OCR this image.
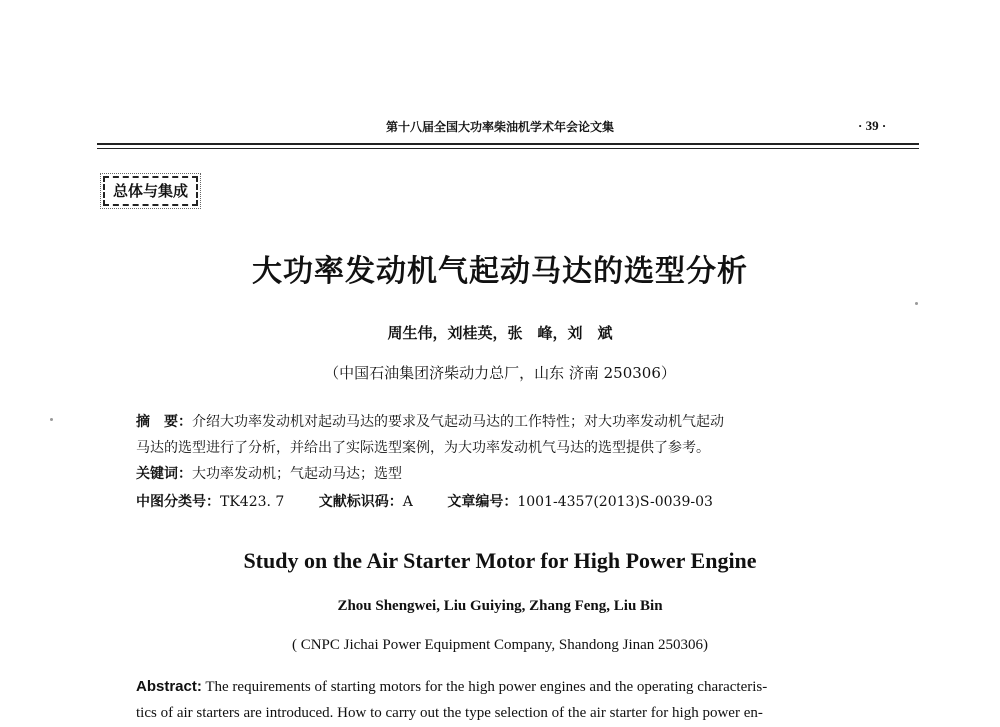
第十八届全国大功率柴油机学术年会论文集	· 39 ·
总体与集成
大功率发动机气起动马达的选型分析
周生伟，刘桂英，张　峰，刘　斌
（中国石油集团济柴动力总厂，山东 济南 250306）
摘　要：介绍大功率发动机对起动马达的要求及气起动马达的工作特性；对大功率发动机气起动
马达的选型进行了分析，并给出了实际选型案例，为大功率发动机气马达的选型提供了参考。
关键词：大功率发动机；气起动马达；选型
中图分类号：TK423. 7 文献标识码：A 文章编号：1001-4357(2013)S-0039-03
Study on the Air Starter Motor for High Power Engine
Zhou Shengwei, Liu Guiying, Zhang Feng, Liu Bin
( CNPC Jichai Power Equipment Company, Shandong Jinan 250306)
Abstract: The requirements of starting motors for the high power engines and the operating characteris-
tics of air starters are introduced. How to carry out the type selection of the air starter for high power en-
